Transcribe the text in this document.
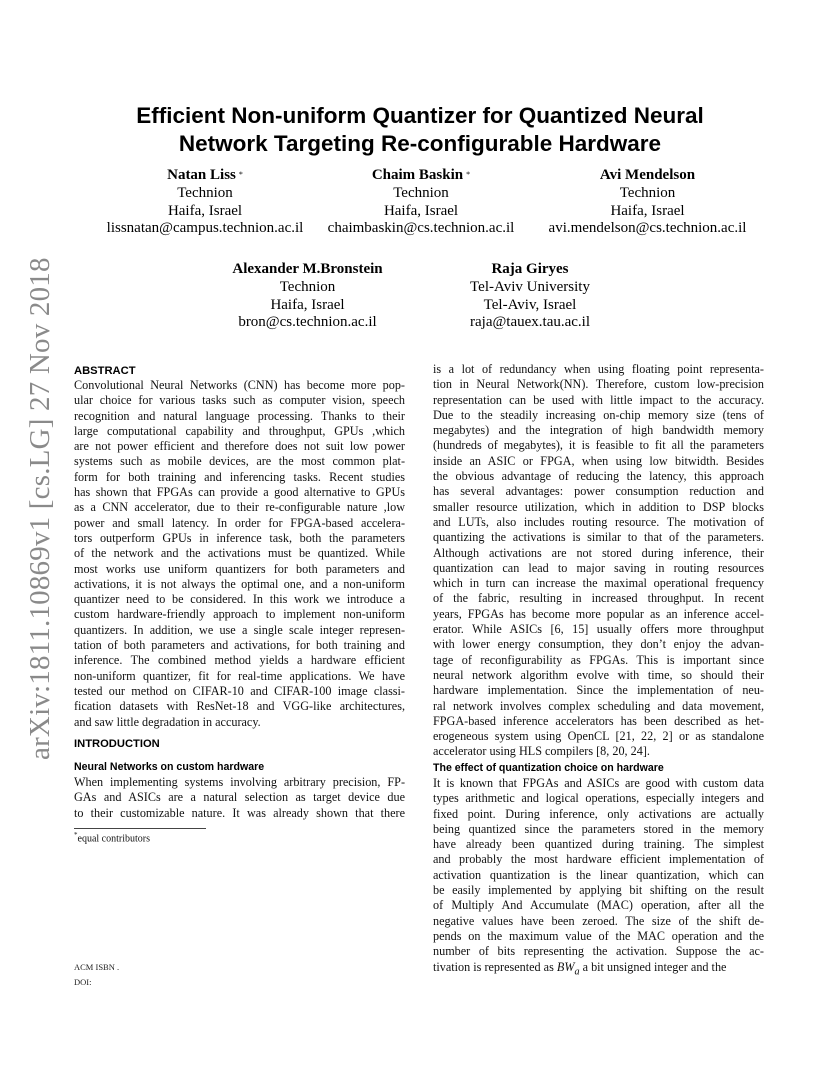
arXiv:1811.10869v1 [cs.LG] 27 Nov 2018
Efficient Non-uniform Quantizer for Quantized Neural
Network Targeting Re-configurable Hardware
Natan Liss *
Technion
Haifa, Israel
lissnatan@campus.technion.ac.il
Chaim Baskin *
Technion
Haifa, Israel
chaimbaskin@cs.technion.ac.il
Avi Mendelson
Technion
Haifa, Israel
avi.mendelson@cs.technion.ac.il
Alexander M.Bronstein
Technion
Haifa, Israel
bron@cs.technion.ac.il
Raja Giryes
Tel-Aviv University
Tel-Aviv, Israel
raja@tauex.tau.ac.il
ABSTRACT
Convolutional Neural Networks (CNN) has become more pop-
ular choice for various tasks such as computer vision, speech
recognition and natural language processing. Thanks to their
large computational capability and throughput, GPUs ,which
are not power efficient and therefore does not suit low power
systems such as mobile devices, are the most common plat-
form for both training and inferencing tasks. Recent studies
has shown that FPGAs can provide a good alternative to GPUs
as a CNN accelerator, due to their re-configurable nature ,low
power and small latency. In order for FPGA-based accelera-
tors outperform GPUs in inference task, both the parameters
of the network and the activations must be quantized. While
most works use uniform quantizers for both parameters and
activations, it is not always the optimal one, and a non-uniform
quantizer need to be considered. In this work we introduce a
custom hardware-friendly approach to implement non-uniform
quantizers. In addition, we use a single scale integer represen-
tation of both parameters and activations, for both training and
inference. The combined method yields a hardware efficient
non-uniform quantizer, fit for real-time applications. We have
tested our method on CIFAR-10 and CIFAR-100 image classi-
fication datasets with ResNet-18 and VGG-like architectures,
and saw little degradation in accuracy.
INTRODUCTION
Neural Networks on custom hardware
When implementing systems involving arbitrary precision, FP-
GAs and ASICs are a natural selection as target device due
to their customizable nature. It was already shown that there
*equal contributors
ACM ISBN .
DOI:
is a lot of redundancy when using floating point representa-
tion in Neural Network(NN). Therefore, custom low-precision
representation can be used with little impact to the accuracy.
Due to the steadily increasing on-chip memory size (tens of
megabytes) and the integration of high bandwidth memory
(hundreds of megabytes), it is feasible to fit all the parameters
inside an ASIC or FPGA, when using low bitwidth. Besides
the obvious advantage of reducing the latency, this approach
has several advantages: power consumption reduction and
smaller resource utilization, which in addition to DSP blocks
and LUTs, also includes routing resource. The motivation of
quantizing the activations is similar to that of the parameters.
Although activations are not stored during inference, their
quantization can lead to major saving in routing resources
which in turn can increase the maximal operational frequency
of the fabric, resulting in increased throughput. In recent
years, FPGAs has become more popular as an inference accel-
erator. While ASICs [6, 15] usually offers more throughput
with lower energy consumption, they don’t enjoy the advan-
tage of reconfigurability as FPGAs. This is important since
neural network algorithm evolve with time, so should their
hardware implementation. Since the implementation of neu-
ral network involves complex scheduling and data movement,
FPGA-based inference accelerators has been described as het-
erogeneous system using OpenCL [21, 22, 2] or as standalone
accelerator using HLS compilers [8, 20, 24].
The effect of quantization choice on hardware
It is known that FPGAs and ASICs are good with custom data
types arithmetic and logical operations, especially integers and
fixed point. During inference, only activations are actually
being quantized since the parameters stored in the memory
have already been quantized during training. The simplest
and probably the most hardware efficient implementation of
activation quantization is the linear quantization, which can
be easily implemented by applying bit shifting on the result
of Multiply And Accumulate (MAC) operation, after all the
negative values have been zeroed. The size of the shift de-
pends on the maximum value of the MAC operation and the
number of bits representing the activation. Suppose the ac-
tivation is represented as $BW_a$ a bit unsigned integer and the
